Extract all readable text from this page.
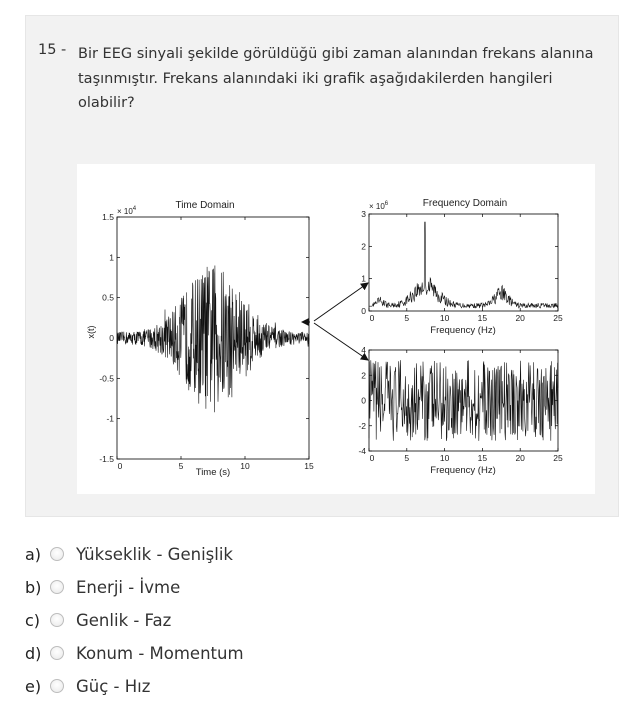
15 - Bir EEG sinyali şekilde görüldüğü gibi zaman alanından frekans alanına taşınmıştır. Frekans alanındaki iki grafik aşağıdakilerden hangileri olabilir?

0	5	10	15
1.5
1
0.5
0
-0.5
-1
-1.5
× $10^4$	Time Domain
Time (s)
x(t)
0	5	10	15	20	25
3
2
1
0
× $10^6$	Frequency Domain
Frequency (Hz)
0	5	10	15	20	25
4
2
0
-2
-4
Frequency (Hz)
a)	Yükseklik - Genişlik
b)	Enerji - İvme
c)	Genlik - Faz
d)	Konum - Momentum
e)	Güç - Hız
